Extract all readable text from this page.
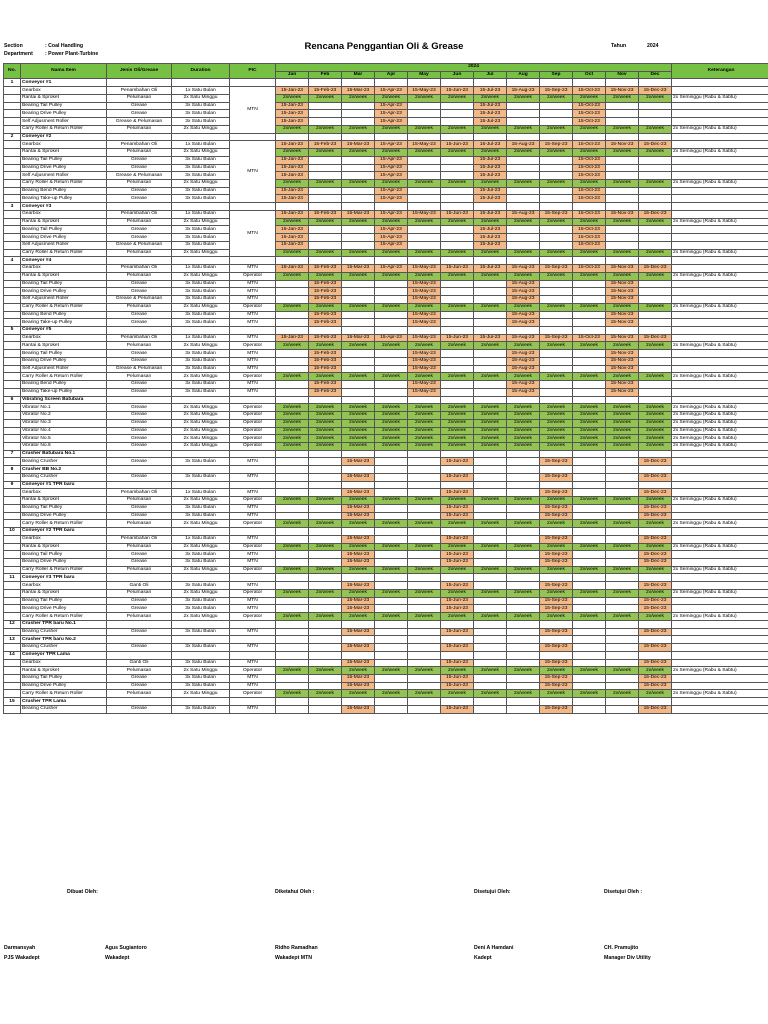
Rencana Penggantian Oli & Grease
Section	: Coal Handling
Department : Power Plant-Turbine
Tahun	2024
No.	Nama Item	Jenis Oli/Grease	Duration	PIC	2024												Keterangan
					Jan	Feb	Mar	Apr	May	Jun	Jul	Aug	Sep	Oct	Nov	Dec	
1	Conveyor #1																
	Gearbox	Penambahan Oli	1x Satu Bulan	MTN	15-Jan-23	15-Feb-23	15-Mar-23	15-Apr-23	15-May-23	15-Jun-23	15-Jul-23	15-Aug-23	15-Sep-23	15-Oct-23	15-Nov-23	15-Dec-23	
	Rantai & Sproket	Pelumasan	2x Satu Minggu		2x/week	2x/week	2x/week	2x/week	2x/week	2x/week	2x/week	2x/week	2x/week	2x/week	2x/week	2x/week	2x Seminggu (Rabu & Sabtu)
	Bearing Tail Pulley	Grease	3x Satu Bulan		15-Jan-23			15-Apr-23			15-Jul-23			15-Oct-23			
	Bearing Drive Pulley	Grease	3x Satu Bulan		15-Jan-23			15-Apr-23			15-Jul-23			15-Oct-23			
	Self Adjusment Roller	Grease & Pelumasan	3x Satu Bulan		15-Jan-23			15-Apr-23			15-Jul-23			15-Oct-23			
	Carry Roller & Return Roller	Pelumasan	2x Satu Minggu		2x/week	2x/week	2x/week	2x/week	2x/week	2x/week	2x/week	2x/week	2x/week	2x/week	2x/week	2x/week	2x Seminggu (Rabu & Sabtu)
2	Conveyor #2																
	Gearbox	Penambahan Oli	1x Satu Bulan	MTN	15-Jan-23	15-Feb-23	15-Mar-23	15-Apr-23	15-May-23	15-Jun-23	15-Jul-23	15-Aug-23	15-Sep-23	15-Oct-23	15-Nov-23	15-Dec-23	
	Rantai & Sproket	Pelumasan	2x Satu Minggu		2x/week	2x/week	2x/week	2x/week	2x/week	2x/week	2x/week	2x/week	2x/week	2x/week	2x/week	2x/week	2x Seminggu (Rabu & Sabtu)
	Bearing Tail Pulley	Grease	3x Satu Bulan		15-Jan-23			15-Apr-23			15-Jul-23			15-Oct-23			
	Bearing Drive Pulley	Grease	3x Satu Bulan		15-Jan-23			15-Apr-23			15-Jul-23			15-Oct-23			
	Self Adjusment Roller	Grease & Pelumasan	3x Satu Bulan		15-Jan-23			15-Apr-23			15-Jul-23			15-Oct-23			
	Carry Roller & Return Roller	Pelumasan	2x Satu Minggu		2x/week	2x/week	2x/week	2x/week	2x/week	2x/week	2x/week	2x/week	2x/week	2x/week	2x/week	2x/week	2x Seminggu (Rabu & Sabtu)
	Bearing Bend Pulley	Grease	3x Satu Bulan		15-Jan-23			15-Apr-23			15-Jul-23			15-Oct-23			
	Bearing Take-up Pulley	Grease	3x Satu Bulan		15-Jan-23			15-Apr-23			15-Jul-23			15-Oct-23			
3	Conveyor #3																
	Gearbox	Penambahan Oli	1x Satu Bulan	MTN	15-Jan-23	15-Feb-23	15-Mar-23	15-Apr-23	15-May-23	15-Jun-23	15-Jul-23	15-Aug-23	15-Sep-23	15-Oct-23	15-Nov-23	15-Dec-23	
	Rantai & Sproket	Pelumasan	2x Satu Minggu		2x/week	2x/week	2x/week	2x/week	2x/week	2x/week	2x/week	2x/week	2x/week	2x/week	2x/week	2x/week	2x Seminggu (Rabu & Sabtu)
	Bearing Tail Pulley	Grease	3x Satu Bulan		15-Jan-23			15-Apr-23			15-Jul-23			15-Oct-23			
	Bearing Drive Pulley	Grease	3x Satu Bulan		15-Jan-23			15-Apr-23			15-Jul-23			15-Oct-23			
	Self Adjusment Roller	Grease & Pelumasan	3x Satu Bulan		15-Jan-23			15-Apr-23			15-Jul-23			15-Oct-23			
	Carry Roller & Return Roller	Pelumasan	2x Satu Minggu		2x/week	2x/week	2x/week	2x/week	2x/week	2x/week	2x/week	2x/week	2x/week	2x/week	2x/week	2x/week	2x Seminggu (Rabu & Sabtu)
4	Conveyor #4																
	Gearbox	Penambahan Oli	1x Satu Bulan	MTN	15-Jan-23	15-Feb-23	15-Mar-23	15-Apr-23	15-May-23	15-Jun-23	15-Jul-23	15-Aug-23	15-Sep-23	15-Oct-23	15-Nov-23	15-Dec-23	
	Rantai & Sproket	Pelumasan	2x Satu Minggu	Operator	2x/week	2x/week	2x/week	2x/week	2x/week	2x/week	2x/week	2x/week	2x/week	2x/week	2x/week	2x/week	2x Seminggu (Rabu & Sabtu)
	Bearing Tail Pulley	Grease	3x Satu Bulan	MTN		15-Feb-23			15-May-23			15-Aug-23			15-Nov-23		
	Bearing Drive Pulley	Grease	3x Satu Bulan	MTN		15-Feb-23			15-May-23			15-Aug-23			15-Nov-23		
	Self Adjusment Roller	Grease & Pelumasan	3x Satu Bulan	MTN		15-Feb-23			15-May-23			15-Aug-23			15-Nov-23		
	Carry Roller & Return Roller	Pelumasan	2x Satu Minggu	Operator	2x/week	2x/week	2x/week	2x/week	2x/week	2x/week	2x/week	2x/week	2x/week	2x/week	2x/week	2x/week	2x Seminggu (Rabu & Sabtu)
	Bearing Bend Pulley	Grease	3x Satu Bulan	MTN		15-Feb-23			15-May-23			15-Aug-23			15-Nov-23		
	Bearing Take-up Pulley	Grease	3x Satu Bulan	MTN		15-Feb-23			15-May-23			15-Aug-23			15-Nov-23		
5	Conveyor #5																
	Gearbox	Penambahan Oli	1x Satu Bulan	MTN	15-Jan-23	15-Feb-23	15-Mar-23	15-Apr-23	15-May-23	15-Jun-23	15-Jul-23	15-Aug-23	15-Sep-23	15-Oct-23	15-Nov-23	15-Dec-23	
	Rantai & Sproket	Pelumasan	2x Satu Minggu	Operator	2x/week	2x/week	2x/week	2x/week	2x/week	2x/week	2x/week	2x/week	2x/week	2x/week	2x/week	2x/week	2x Seminggu (Rabu & Sabtu)
	Bearing Tail Pulley	Grease	3x Satu Bulan	MTN		15-Feb-23			15-May-23			15-Aug-23			15-Nov-23		
	Bearing Drive Pulley	Grease	3x Satu Bulan	MTN		15-Feb-23			15-May-23			15-Aug-23			15-Nov-23		
	Self Adjusment Roller	Grease & Pelumasan	3x Satu Bulan	MTN		15-Feb-23			15-May-23			15-Aug-23			15-Nov-23		
	Carry Roller & Return Roller	Pelumasan	2x Satu Minggu	Operator	2x/week	2x/week	2x/week	2x/week	2x/week	2x/week	2x/week	2x/week	2x/week	2x/week	2x/week	2x/week	2x Seminggu (Rabu & Sabtu)
	Bearing Bend Pulley	Grease	3x Satu Bulan	MTN		15-Feb-23			15-May-23			15-Aug-23			15-Nov-23		
	Bearing Take-up Pulley	Grease	3x Satu Bulan	MTN		15-Feb-23			15-May-23			15-Aug-23			15-Nov-23		
6	Vibrating Screen Batubara																
	Vibrator No.1	Grease	2x Satu Minggu	Operator	2x/week	2x/week	2x/week	2x/week	2x/week	2x/week	2x/week	2x/week	2x/week	2x/week	2x/week	2x/week	2x Seminggu (Rabu & Sabtu)
	Vibrator No.2	Grease	2x Satu Minggu	Operator	2x/week	2x/week	2x/week	2x/week	2x/week	2x/week	2x/week	2x/week	2x/week	2x/week	2x/week	2x/week	2x Seminggu (Rabu & Sabtu)
	Vibrator No.3	Grease	2x Satu Minggu	Operator	2x/week	2x/week	2x/week	2x/week	2x/week	2x/week	2x/week	2x/week	2x/week	2x/week	2x/week	2x/week	2x Seminggu (Rabu & Sabtu)
	Vibrator No.4	Grease	2x Satu Minggu	Operator	2x/week	2x/week	2x/week	2x/week	2x/week	2x/week	2x/week	2x/week	2x/week	2x/week	2x/week	2x/week	2x Seminggu (Rabu & Sabtu)
	Vibrator No.5	Grease	2x Satu Minggu	Operator	2x/week	2x/week	2x/week	2x/week	2x/week	2x/week	2x/week	2x/week	2x/week	2x/week	2x/week	2x/week	2x Seminggu (Rabu & Sabtu)
	Vibrator No.6	Grease	2x Satu Minggu	Operator	2x/week	2x/week	2x/week	2x/week	2x/week	2x/week	2x/week	2x/week	2x/week	2x/week	2x/week	2x/week	2x Seminggu (Rabu & Sabtu)
7	Crusher Batubara No.1																
	Bearing Crusher	Grease	3x Satu Bulan	MTN			15-Mar-23			15-Jun-23			15-Sep-23			15-Dec-23	
8	Crusher BB No.2																
	Bearing Crusher	Grease	3x Satu Bulan	MTN			15-Mar-23			15-Jun-23			15-Sep-23			15-Dec-23	
9	Conveyor #1 TPR baru																
	Gearbox	Penambahan Oli	1x Satu Bulan	MTN			15-Mar-23			15-Jun-23			15-Sep-23			15-Dec-23	
	Rantai & Sproket	Pelumasan	2x Satu Minggu	Operator	2x/week	2x/week	2x/week	2x/week	2x/week	2x/week	2x/week	2x/week	2x/week	2x/week	2x/week	2x/week	2x Seminggu (Rabu & Sabtu)
	Bearing Tail Pulley	Grease	3x Satu Bulan	MTN			15-Mar-23			15-Jun-23			15-Sep-23			15-Dec-23	
	Bearing Drive Pulley	Grease	3x Satu Bulan	MTN			15-Mar-23			15-Jun-23			15-Sep-23			15-Dec-23	
	Carry Roller & Return Roller	Pelumasan	2x Satu Minggu	Operator	2x/week	2x/week	2x/week	2x/week	2x/week	2x/week	2x/week	2x/week	2x/week	2x/week	2x/week	2x/week	2x Seminggu (Rabu & Sabtu)
10	Conveyor #2 TPR baru																
	Gearbox	Penambahan Oli	1x Satu Bulan	MTN			15-Mar-23			15-Jun-23			15-Sep-23			15-Dec-23	
	Rantai & Sproket	Pelumasan	2x Satu Minggu	Operator	2x/week	2x/week	2x/week	2x/week	2x/week	2x/week	2x/week	2x/week	2x/week	2x/week	2x/week	2x/week	2x Seminggu (Rabu & Sabtu)
	Bearing Tail Pulley	Grease	3x Satu Bulan	MTN			15-Mar-23			15-Jun-23			15-Sep-23			15-Dec-23	
	Bearing Drive Pulley	Grease	3x Satu Bulan	MTN			15-Mar-23			15-Jun-23			15-Sep-23			15-Dec-23	
	Carry Roller & Return Roller	Pelumasan	2x Satu Minggu	Operator	2x/week	2x/week	2x/week	2x/week	2x/week	2x/week	2x/week	2x/week	2x/week	2x/week	2x/week	2x/week	2x Seminggu (Rabu & Sabtu)
11	Conveyor #3 TPR baru																
	Gearbox	Ganti Oli	3x Satu Bulan	MTN			15-Mar-23			15-Jun-23			15-Sep-23			15-Dec-23	
	Rantai & Sproket	Pelumasan	2x Satu Minggu	Operator	2x/week	2x/week	2x/week	2x/week	2x/week	2x/week	2x/week	2x/week	2x/week	2x/week	2x/week	2x/week	2x Seminggu (Rabu & Sabtu)
	Bearing Tail Pulley	Grease	3x Satu Bulan	MTN			15-Mar-23			15-Jun-23			15-Sep-23			15-Dec-23	
	Bearing Drive Pulley	Grease	3x Satu Bulan	MTN			15-Mar-23			15-Jun-23			15-Sep-23			15-Dec-23	
	Carry Roller & Return Roller	Pelumasan	2x Satu Minggu	Operator	2x/week	2x/week	2x/week	2x/week	2x/week	2x/week	2x/week	2x/week	2x/week	2x/week	2x/week	2x/week	2x Seminggu (Rabu & Sabtu)
12	Crusher TPR baru No.1																
	Bearing Crusher	Grease	3x Satu Bulan	MTN			15-Mar-23			15-Jun-23			15-Sep-23			15-Dec-23	
13	Crusher TPR baru No.2																
	Bearing Crusher	Grease	3x Satu Bulan	MTN			15-Mar-23			15-Jun-23			15-Sep-23			15-Dec-23	
14	Conveyor TPR Lama																
	Gearbox	Ganti Oli	3x Satu Bulan	MTN			15-Mar-23			15-Jun-23			15-Sep-23			15-Dec-23	
	Rantai & Sproket	Pelumasan	2x Satu Minggu	Operator	2x/week	2x/week	2x/week	2x/week	2x/week	2x/week	2x/week	2x/week	2x/week	2x/week	2x/week	2x/week	2x Seminggu (Rabu & Sabtu)
	Bearing Tail Pulley	Grease	3x Satu Bulan	MTN			15-Mar-23			15-Jun-23			15-Sep-23			15-Dec-23	
	Bearing Drive Pulley	Grease	3x Satu Bulan	MTN			15-Mar-23			15-Jun-23			15-Sep-23			15-Dec-23	
	Carry Roller & Return Roller	Pelumasan	2x Satu Minggu	Operator	2x/week	2x/week	2x/week	2x/week	2x/week	2x/week	2x/week	2x/week	2x/week	2x/week	2x/week	2x/week	2x Seminggu (Rabu & Sabtu)
15	Crusher TPR Lama																
	Bearing Crusher	Grease	3x Satu Bulan	MTN			15-Mar-23			15-Jun-23			15-Sep-23			15-Dec-23	
Dibuat Oleh:	Diketahui Oleh :	Disetujui Oleh:	Disetujui Oleh :
Darmansyah
PJS Wakadept
Agus Sugiantoro
Wakadept
Ridho Ramadhan
Wakadept MTN
Deni A Hamdani
Kadept
CH. Pramujito
Manager Div Utility
